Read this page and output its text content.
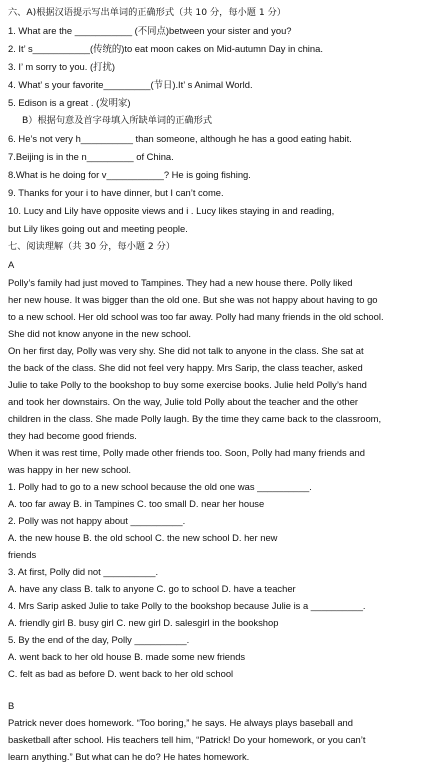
六、A)根据汉语提示写出单词的正确形式（共 10 分，每小题 1 分）
1. What are the ___________ (不同点)between your sister and you?
2. It’ s___________(传统的)to eat moon cakes on Mid-autumn Day in china.
3. I’ m sorry to you. (打扰)
4. What’ s your favorite_________(节日).It’ s Animal World.
5. Edison is a great . (发明家)
B）根据句意及首字母填入所缺单词的正确形式
6. He’s not very h__________ than someone, although he has a good eating habit.
7.Beijing is in the n_________ of China.
8.What is he doing for v___________? He is going fishing.
9. Thanks for your i to have dinner, but I can’t come.
10. Lucy and Lily have opposite views and i . Lucy likes staying in and reading,
but Lily likes going out and meeting people.
七、阅读理解（共 30 分，每小题 2 分）
A
Polly’s family had just moved to Tampines. They had a new house there. Polly liked
her new house. It was bigger than the old one. But she was not happy about having to go
to a new school. Her old school was too far away. Polly had many friends in the old school.
She did not know anyone in the new school.
On her first day, Polly was very shy. She did not talk to anyone in the class. She sat at
the back of the class. She did not feel very happy. Mrs Sarip, the class teacher, asked
Julie to take Polly to the bookshop to buy some exercise books. Julie held Polly’s hand
and took her downstairs. On the way, Julie told Polly about the teacher and the other
children in the class. She made Polly laugh. By the time they came back to the classroom,
they had become good friends.
When it was rest time, Polly made other friends too. Soon, Polly had many friends and
was happy in her new school.
1. Polly had to go to a new school because the old one was __________.
A. too far away B. in Tampines C. too small D. near her house
2. Polly was not happy about __________.
A. the new house B. the old school C. the new school D. her new
friends
3. At first, Polly did not __________.
A. have any class B. talk to anyone C. go to school D. have a teacher
4. Mrs Sarip asked Julie to take Polly to the bookshop because Julie is a __________.
A. friendly girl B. busy girl C. new girl D. salesgirl in the bookshop
5. By the end of the day, Polly __________.
A. went back to her old house B. made some new friends
C. felt as bad as before D. went back to her old school
B
Patrick never does homework. “Too boring,” he says. He always plays baseball and
basketball after school. His teachers tell him, “Patrick! Do your homework, or you can’t
learn anything.” But what can he do? He hates homework.
